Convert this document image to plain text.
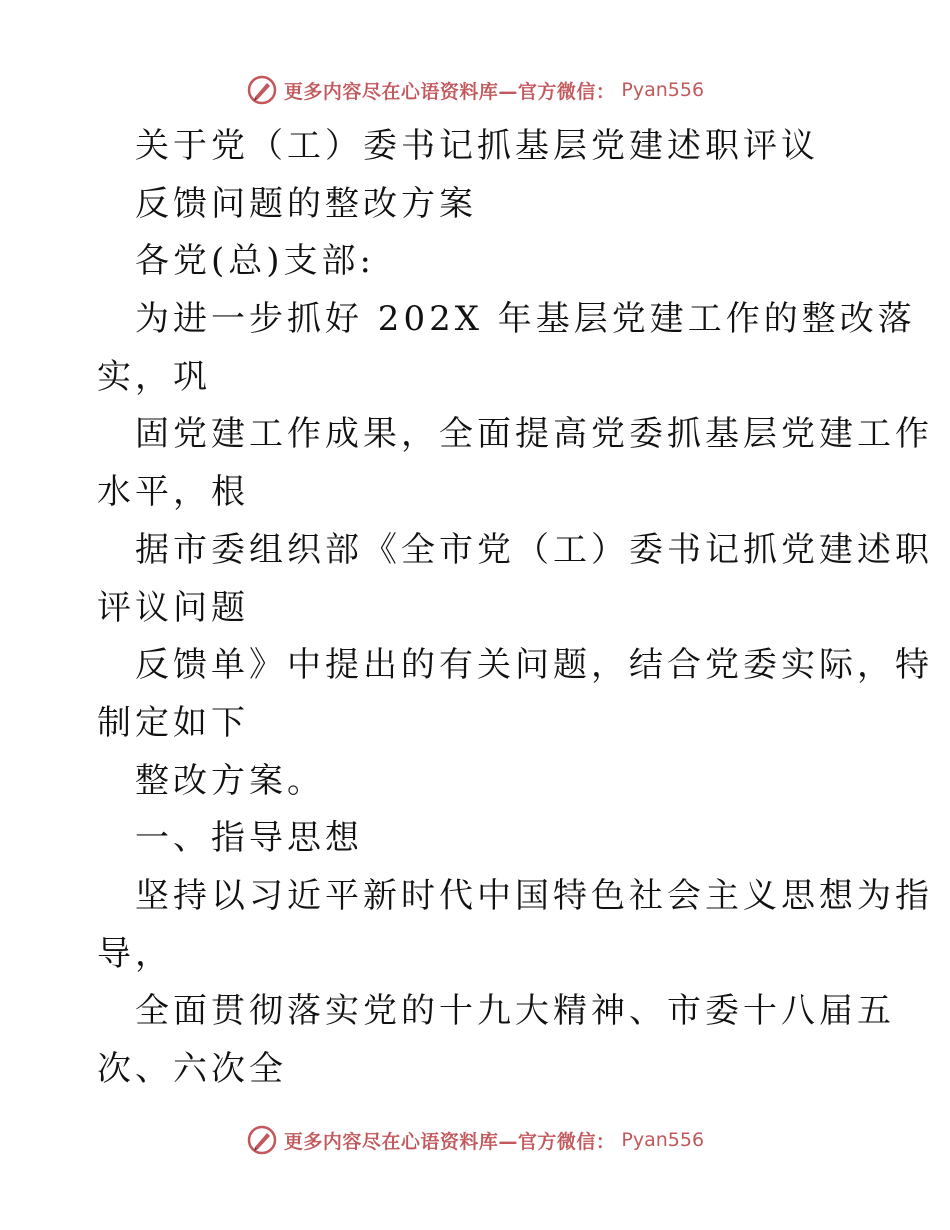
更多内容尽在心语资料库—官方微信： Pyan556
关于党（工）委书记抓基层党建述职评议
反馈问题的整改方案
各党(总)支部:
为进一步抓好 202X 年基层党建工作的整改落
实，巩
固党建工作成果，全面提高党委抓基层党建工作
水平，根
据市委组织部《全市党（工）委书记抓党建述职
评议问题
反馈单》中提出的有关问题，结合党委实际，特
制定如下
整改方案。
一、指导思想
坚持以习近平新时代中国特色社会主义思想为指
导，
全面贯彻落实党的十九大精神、市委十八届五
次、六次全
更多内容尽在心语资料库—官方微信： Pyan556
